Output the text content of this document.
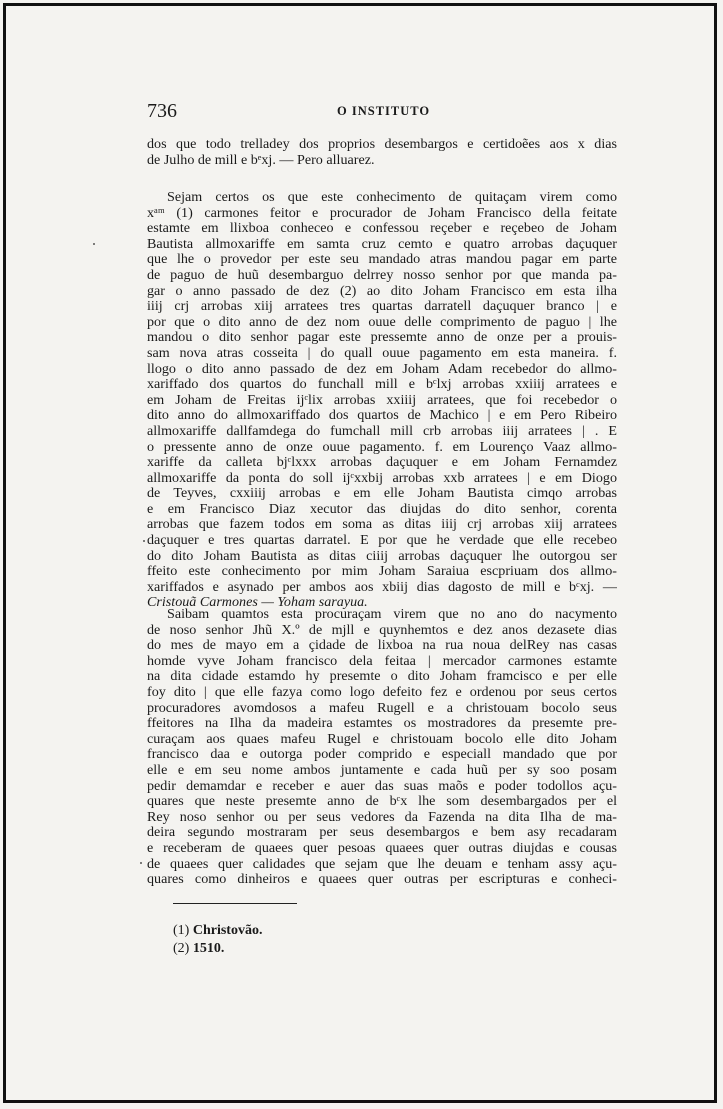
736	O INSTITUTO
dos que todo trelladey dos proprios desembargos e certidoẽes aos x dias
de Julho de mill e bᵉxj. — Pero alluarez.
Sejam certos os que este conhecimento de quitaçam virem como
xᵃᵐ (1) carmones feitor e procurador de Joham Francisco della feitate
estamte em llixboa conheceo e confessou reçeber e reçebeo de Joham
Bautista allmoxariffe em samta cruz cemto e quatro arrobas daçuquer
que lhe o provedor per este seu mandado atras mandou pagar em parte
de paguo de huũ desembarguo delrrey nosso senhor por que manda pa-
gar o anno passado de dez (2) ao dito Joham Francisco em esta ilha
iiij crj arrobas xiij arratees tres quartas darratell daçuquer branco | e
por que o dito anno de dez nom ouue delle comprimento de paguo | lhe
mandou o dito senhor pagar este pressemte anno de onze per a prouis-
sam nova atras cosseita | do quall ouue pagamento em esta maneira. f.
llogo o dito anno passado de dez em Joham Adam recebedor do allmo-
xariffado dos quartos do funchall mill e bᶜlxj arrobas xxiiij arratees e
em Joham de Freitas ijᶜlix arrobas xxiiij arratees, que foi recebedor o
dito anno do allmoxariffado dos quartos de Machico | e em Pero Ribeiro
allmoxariffe dallfamdega do fumchall mill crb arrobas iiij arratees | . E
o pressente anno de onze ouue pagamento. f. em Lourenço Vaaz allmo-
xariffe da calleta bjᶜlxxx arrobas daçuquer e em Joham Fernamdez
allmoxariffe da ponta do soll ijᶜxxbij arrobas xxb arratees | e em Diogo
de Teyves, cxxiiij arrobas e em elle Joham Bautista cimqo arrobas
e em Francisco Diaz xecutor das diujdas do dito senhor, corenta
arrobas que fazem todos em soma as ditas iiij crj arrobas xiij arratees
daçuquer e tres quartas darratel. E por que he verdade que elle recebeo
do dito Joham Bautista as ditas ciiij arrobas daçuquer lhe outorgou ser
ffeito este conhecimento por mim Joham Saraiua escpriuam dos allmo-
xariffados e asynado per ambos aos xbiij dias dagosto de mill e bᶜxj. —
Cristouã Carmones — Yoham sarayua.
Saibam quamtos esta procuraçam virem que no ano do nacymento
de noso senhor Jhũ X.º de mjll e quynhemtos e dez anos dezasete dias
do mes de mayo em a çidade de lixboa na rua noua delRey nas casas
homde vyve Joham francisco dela feitaa | mercador carmones estamte
na dita cidade estamdo hy presemte o dito Joham framcisco e per elle
foy dito | que elle fazya como logo defeito fez e ordenou por seus certos
procuradores avomdosos a mafeu Rugell e a christouam bocolo seus
ffeitores na Ilha da madeira estamtes os mostradores da presemte pre-
curaçam aos quaes mafeu Rugel e christouam bocolo elle dito Joham
francisco daa e outorga poder comprido e especiall mandado que por
elle e em seu nome ambos juntamente e cada huũ per sy soo posam
pedir demamdar e receber e auer das suas maõs e poder todollos açu-
quares que neste presemte anno de bᶜx lhe som desembargados per el
Rey noso senhor ou per seus vedores da Fazenda na dita Ilha de ma-
deira segundo mostraram per seus desembargos e bem asy recadaram
e receberam de quaees quer pesoas quaees quer outras diujdas e cousas
de quaees quer calidades que sejam que lhe deuam e tenham assy açu-
quares como dinheiros e quaees quer outras per escripturas e conheci-
(1) Christovão.
(2) 1510.
